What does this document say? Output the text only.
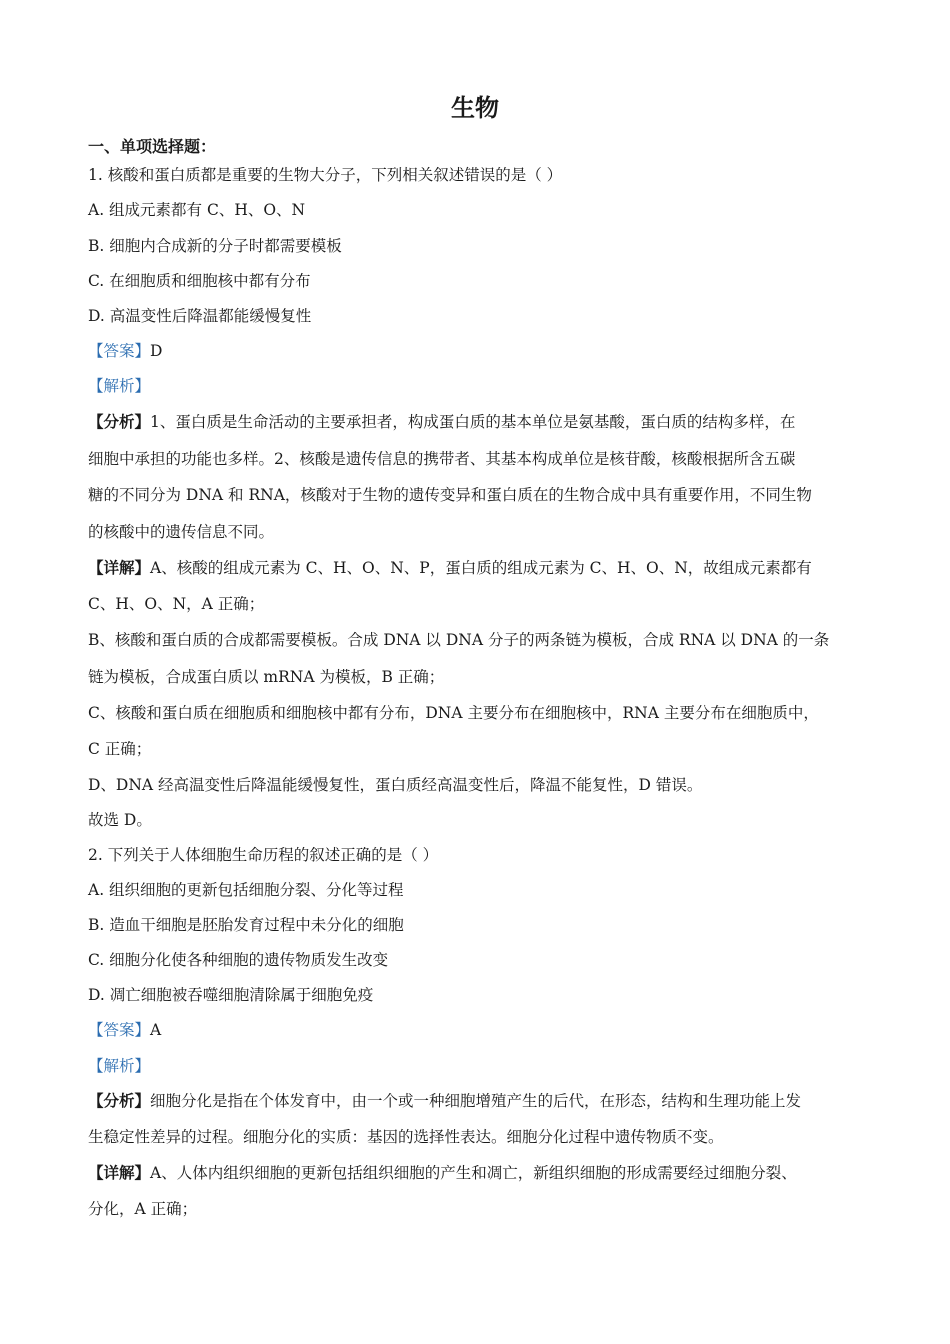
生物
一、单项选择题：
1. 核酸和蛋白质都是重要的生物大分子，下列相关叙述错误的是（ ）
A. 组成元素都有 C、H、O、N
B. 细胞内合成新的分子时都需要模板
C. 在细胞质和细胞核中都有分布
D. 高温变性后降温都能缓慢复性
【答案】D
【解析】
【分析】1、蛋白质是生命活动的主要承担者，构成蛋白质的基本单位是氨基酸，蛋白质的结构多样，在
细胞中承担的功能也多样。2、核酸是遗传信息的携带者、其基本构成单位是核苷酸，核酸根据所含五碳
糖的不同分为 DNA 和 RNA，核酸对于生物的遗传变异和蛋白质在的生物合成中具有重要作用，不同生物
的核酸中的遗传信息不同。
【详解】A、核酸的组成元素为 C、H、O、N、P，蛋白质的组成元素为 C、H、O、N，故组成元素都有
C、H、O、N，A 正确；
B、核酸和蛋白质的合成都需要模板。合成 DNA 以 DNA 分子的两条链为模板，合成 RNA 以 DNA 的一条
链为模板，合成蛋白质以 mRNA 为模板，B 正确；
C、核酸和蛋白质在细胞质和细胞核中都有分布，DNA 主要分布在细胞核中，RNA 主要分布在细胞质中，
C 正确；
D、DNA 经高温变性后降温能缓慢复性，蛋白质经高温变性后，降温不能复性，D 错误。
故选 D。
2. 下列关于人体细胞生命历程的叙述正确的是（ ）
A. 组织细胞的更新包括细胞分裂、分化等过程
B. 造血干细胞是胚胎发育过程中未分化的细胞
C. 细胞分化使各种细胞的遗传物质发生改变
D. 凋亡细胞被吞噬细胞清除属于细胞免疫
【答案】A
【解析】
【分析】细胞分化是指在个体发育中，由一个或一种细胞增殖产生的后代，在形态，结构和生理功能上发
生稳定性差异的过程。细胞分化的实质：基因的选择性表达。细胞分化过程中遗传物质不变。
【详解】A、人体内组织细胞的更新包括组织细胞的产生和凋亡，新组织细胞的形成需要经过细胞分裂、
分化，A 正确；
